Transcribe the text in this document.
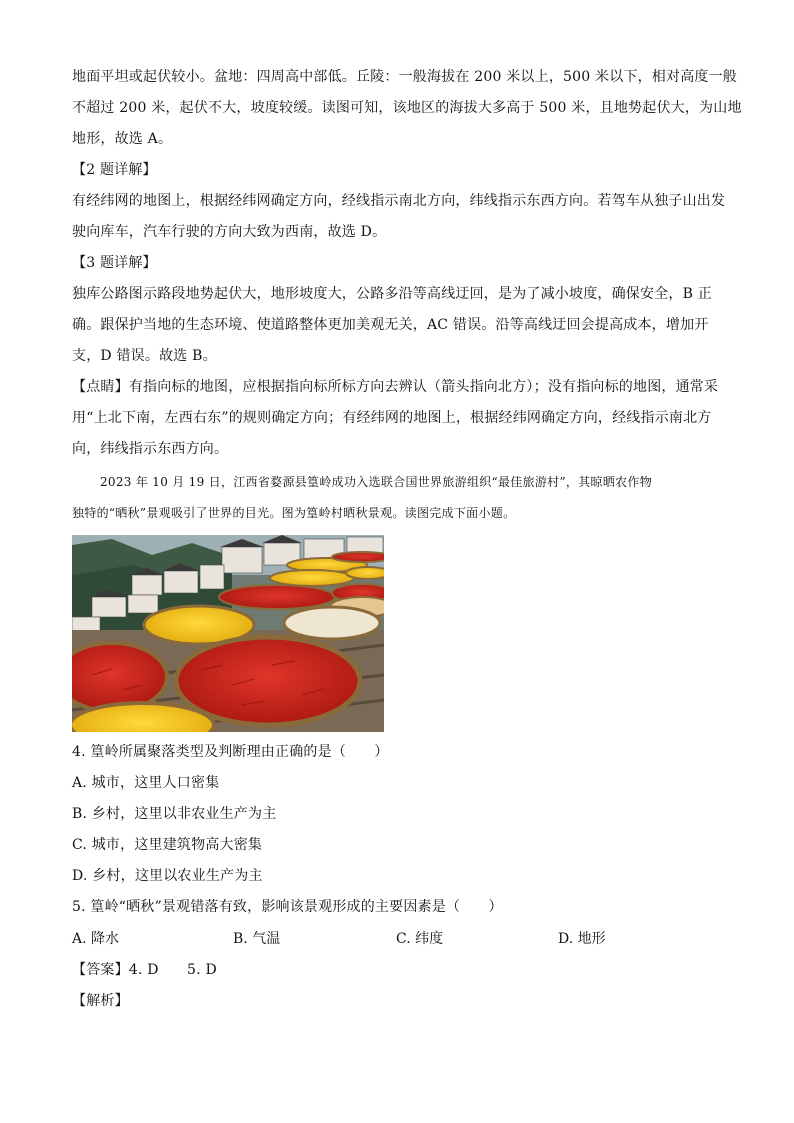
地面平坦或起伏较小。盆地：四周高中部低。丘陵：一般海拔在 200 米以上，500 米以下，相对高度一般
不超过 200 米，起伏不大，坡度较缓。读图可知，该地区的海拔大多高于 500 米，且地势起伏大，为山地
地形，故选 A。
【2 题详解】
有经纬网的地图上，根据经纬网确定方向，经线指示南北方向，纬线指示东西方向。若驾车从独子山出发
驶向库车，汽车行驶的方向大致为西南，故选 D。
【3 题详解】
独库公路图示路段地势起伏大，地形坡度大，公路多沿等高线迂回，是为了减小坡度，确保安全，B 正
确。跟保护当地的生态环境、使道路整体更加美观无关，AC 错误。沿等高线迂回会提高成本，增加开
支，D 错误。故选 B。
【点睛】有指向标的地图，应根据指向标所标方向去辨认（箭头指向北方）；没有指向标的地图，通常采
用“上北下南，左西右东”的规则确定方向；有经纬网的地图上，根据经纬网确定方向，经线指示南北方
向，纬线指示东西方向。
2023 年 10 月 19 日，江西省婺源县篁岭成功入选联合国世界旅游组织“最佳旅游村”，其晾晒农作物
独特的“晒秋”景观吸引了世界的目光。图为篁岭村晒秋景观。读图完成下面小题。
4. 篁岭所属聚落类型及判断理由正确的是（　　）
A. 城市，这里人口密集
B. 乡村，这里以非农业生产为主
C. 城市，这里建筑物高大密集
D. 乡村，这里以农业生产为主
5. 篁岭“晒秋”景观错落有致，影响该景观形成的主要因素是（　　）
A. 降水	B. 气温	C. 纬度	D. 地形
【答案】4. D　　5. D
【解析】
